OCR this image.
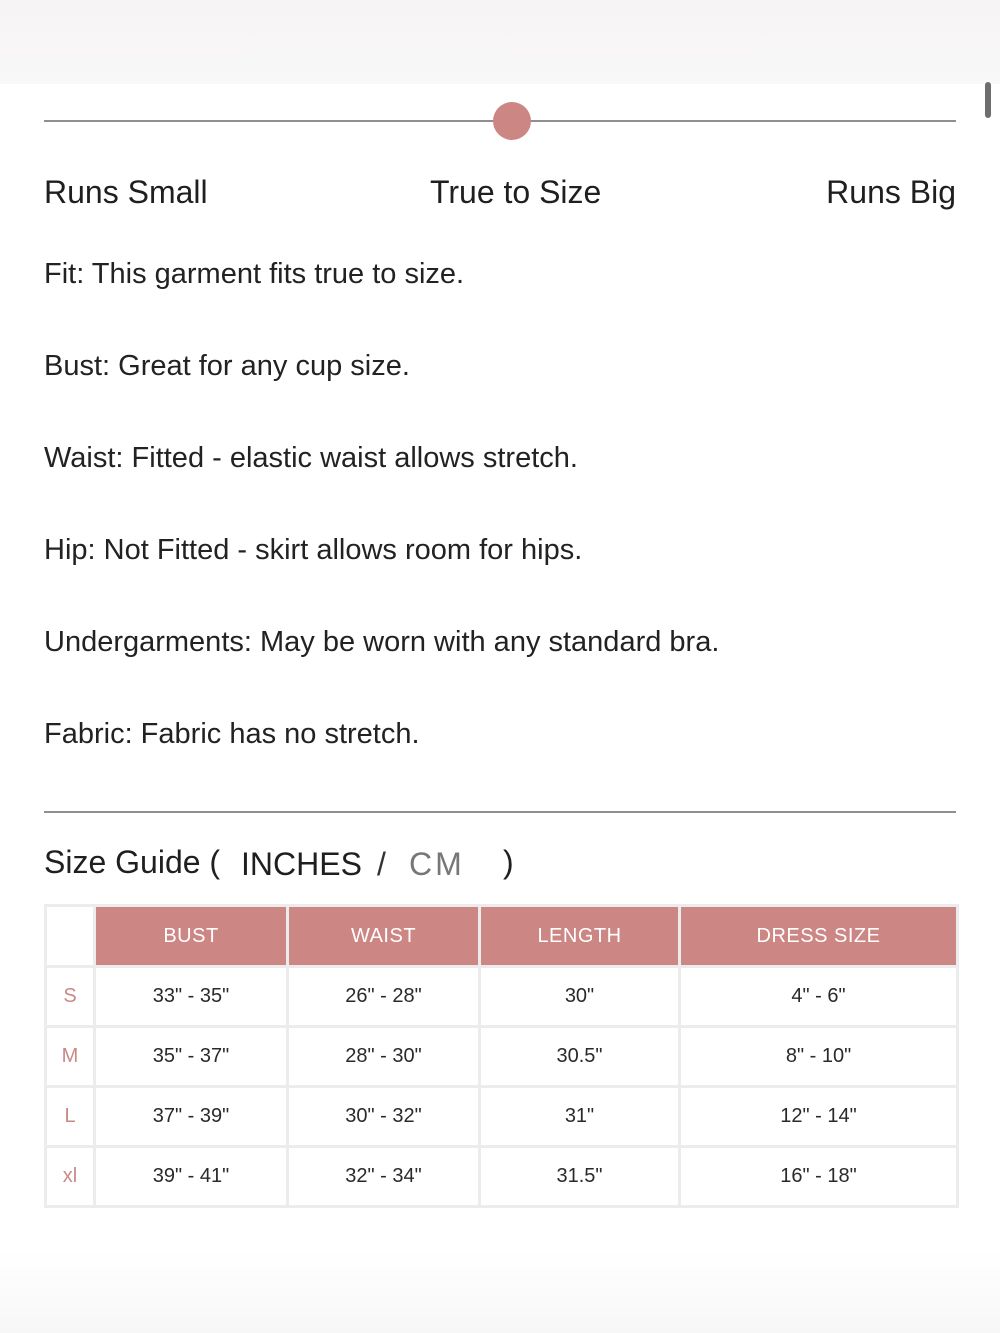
Runs Small	True to Size	Runs Big
Fit: This garment fits true to size.
Bust: Great for any cup size.
Waist: Fitted - elastic waist allows stretch.
Hip: Not Fitted - skirt allows room for hips.
Undergarments: May be worn with any standard bra.
Fabric: Fabric has no stretch.
Size Guide ( INCHES / CM )
	BUST	WAIST	LENGTH	DRESS SIZE
S	33" - 35"	26" - 28"	30"	4" - 6"
M	35" - 37"	28" - 30"	30.5"	8" - 10"
L	37" - 39"	30" - 32"	31"	12" - 14"
xl	39" - 41"	32" - 34"	31.5"	16" - 18"
